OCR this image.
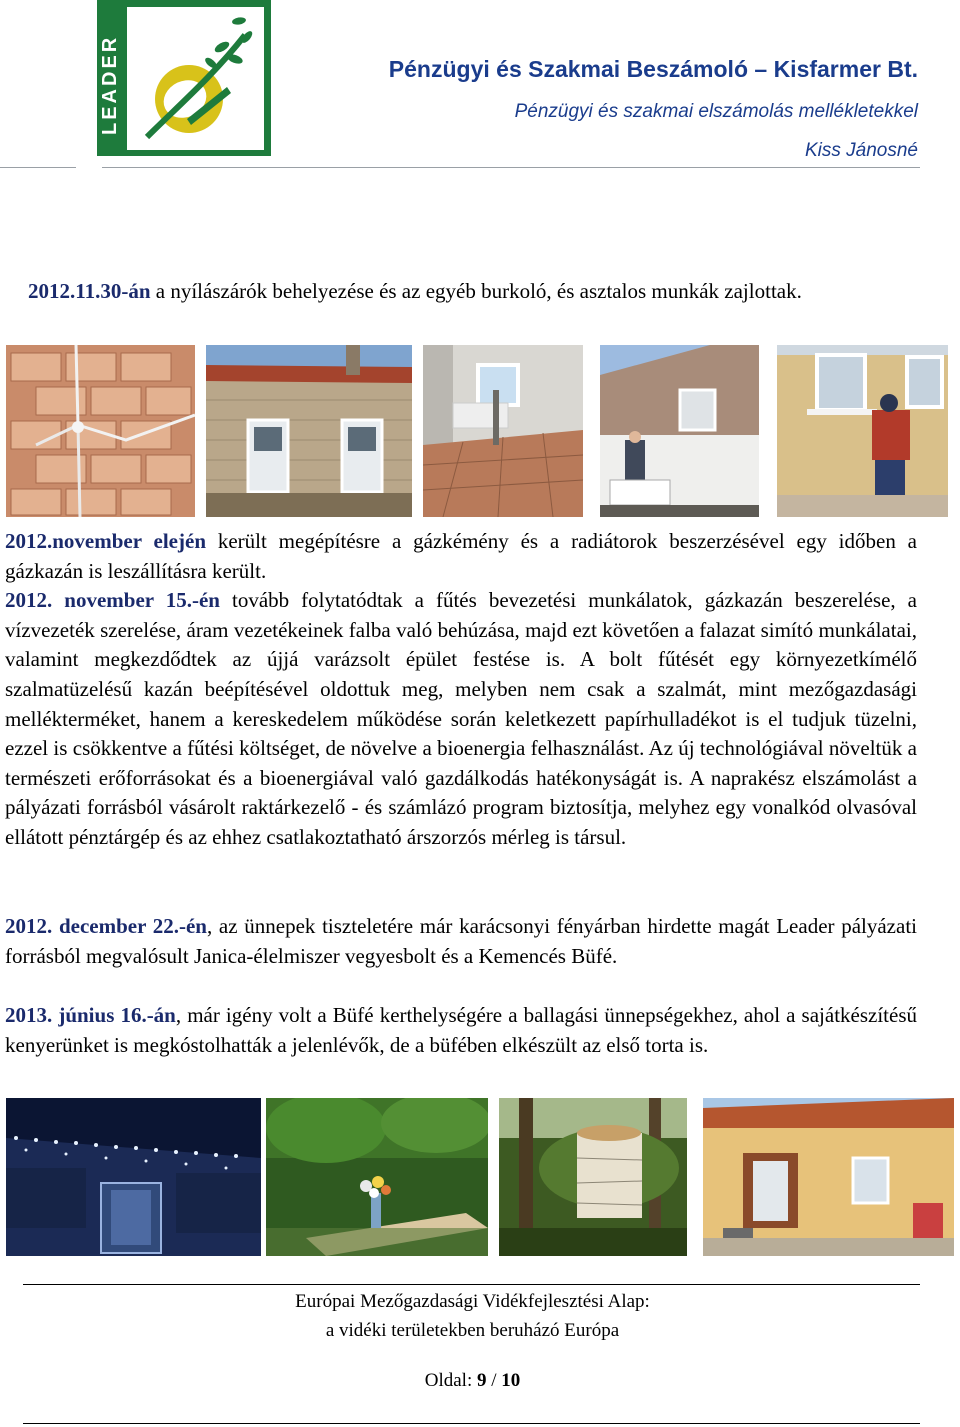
LEADER	Pénzügyi és Szakmai Beszámoló – Kisfarmer Bt.
Pénzügyi és szakmai elszámolás mellékletekkel
Kiss Jánosné
2012.11.30-án a nyílászárók behelyezése és az egyéb burkoló, és asztalos munkák zajlottak.
2012.november elején került megépítésre a gázkémény és a radiátorok beszerzésével egy időben a gázkazán is leszállításra került.
2012. november 15.-én tovább folytatódtak a fűtés bevezetési munkálatok, gázkazán beszerelése, a vízvezeték szerelése, áram vezetékeinek falba való behúzása, majd ezt követően a falazat simító munkálatai, valamint megkezdődtek az újjá varázsolt épület festése is. A bolt fűtését egy környezetkímélő szalmatüzelésű kazán beépítésével oldottuk meg, melyben nem csak a szalmát, mint mezőgazdasági mellékterméket, hanem a kereskedelem működése során keletkezett papírhulladékot is el tudjuk tüzelni, ezzel is csökkentve a fűtési költséget, de növelve a bioenergia felhasználást. Az új technológiával növeltük a természeti erőforrásokat és a bioenergiával való gazdálkodás hatékonyságát is. A naprakész elszámolást a pályázati forrásból vásárolt raktárkezelő - és számlázó program biztosítja, melyhez egy vonalkód olvasóval ellátott pénztárgép és az ehhez csatlakoztatható árszorzós mérleg is társul.
2012. december 22.-én, az ünnepek tiszteletére már karácsonyi fényárban hirdette magát Leader pályázati forrásból megvalósult Janica-élelmiszer vegyesbolt és a Kemencés Büfé.
2013. június 16.-án, már igény volt a Büfé kerthelységére a ballagási ünnepségekhez, ahol a sajátkészítésű kenyerünket is megkóstolhatták a jelenlévők, de a büfében elkészült az első torta is.
Európai Mezőgazdasági Vidékfejlesztési Alap:
a vidéki területekben beruházó Európa
Oldal: 9 / 10
